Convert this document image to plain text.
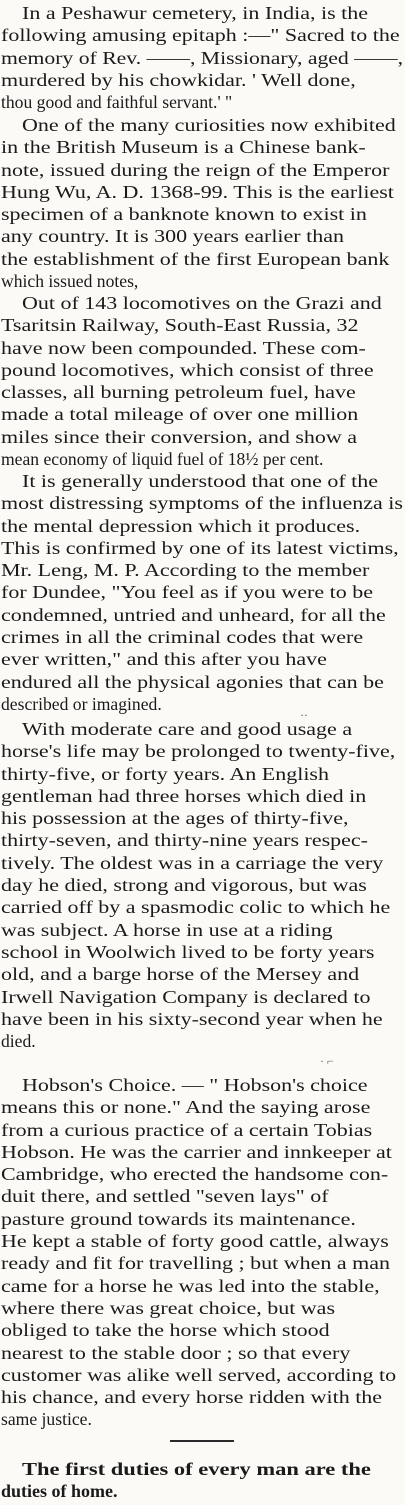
In a Peshawur cemetery, in India, is the
following amusing epitaph :—" Sacred to the
memory of Rev. ——, Missionary, aged ——,
murdered by his chowkidar. ' Well done,
thou good and faithful servant.' "
One of the many curiosities now exhibited
in the British Museum is a Chinese bank-
note, issued during the reign of the Emperor
Hung Wu, A. D. 1368-99. This is the earliest
specimen of a banknote known to exist in
any country. It is 300 years earlier than
the establishment of the first European bank
which issued notes,
Out of 143 locomotives on the Grazi and
Tsaritsin Railway, South-East Russia, 32
have now been compounded. These com-
pound locomotives, which consist of three
classes, all burning petroleum fuel, have
made a total mileage of over one million
miles since their conversion, and show a
mean economy of liquid fuel of 18½ per cent.
It is generally understood that one of the
most distressing symptoms of the influenza is
the mental depression which it produces.
This is confirmed by one of its latest victims,
Mr. Leng, M. P. According to the member
for Dundee, "You feel as if you were to be
condemned, untried and unheard, for all the
crimes in all the criminal codes that were
ever written," and this after you have
endured all the physical agonies that can be
described or imagined.
··
With moderate care and good usage a
horse's life may be prolonged to twenty-five,
thirty-five, or forty years. An English
gentleman had three horses which died in
his possession at the ages of thirty-five,
thirty-seven, and thirty-nine years respec-
tively. The oldest was in a carriage the very
day he died, strong and vigorous, but was
carried off by a spasmodic colic to which he
was subject. A horse in use at a riding
school in Woolwich lived to be forty years
old, and a barge horse of the Mersey and
Irwell Navigation Company is declared to
have been in his sixty-second year when he
died.
· ⌐
Hobson's Choice. — " Hobson's choice
means this or none." And the saying arose
from a curious practice of a certain Tobias
Hobson. He was the carrier and innkeeper at
Cambridge, who erected the handsome con-
duit there, and settled "seven lays" of
pasture ground towards its maintenance.
He kept a stable of forty good cattle, always
ready and fit for travelling ; but when a man
came for a horse he was led into the stable,
where there was great choice, but was
obliged to take the horse which stood
nearest to the stable door ; so that every
customer was alike well served, according to
his chance, and every horse ridden with the
same justice.
The first duties of every man are the
duties of home.
